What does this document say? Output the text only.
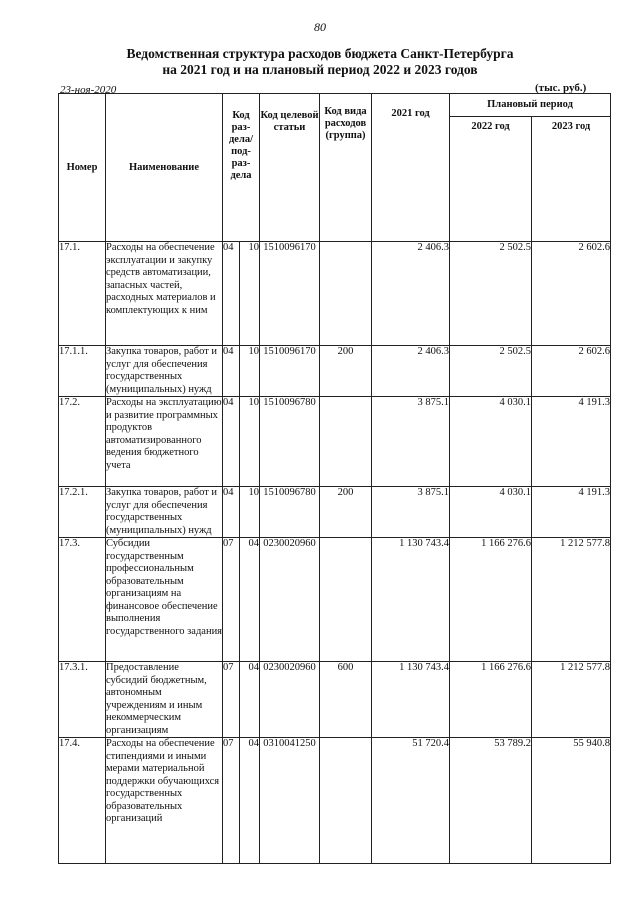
80
Ведомственная структура расходов бюджета Санкт-Петербурга
на 2021 год и на плановый период 2022 и 2023 годов
23-ноя-2020	(тыс. руб.)
Номер	Наименование	Код раз-дела/ под-раз-дела		Код целевой статьи	Код вида расходов (группа)	2021 год	Плановый период	
							2022 год	2023 год
17.1.	Расходы на обеспечение эксплуатации и закупку средств автоматизации, запасных частей, расходных материалов и комплектующих к ним	04	10	1510096170		2 406.3	2 502.5	2 602.6
17.1.1.	Закупка товаров, работ и услуг для обеспечения государственных (муниципальных) нужд	04	10	1510096170	200	2 406.3	2 502.5	2 602.6
17.2.	Расходы на эксплуатацию и развитие программных продуктов автоматизированного ведения бюджетного учета	04	10	1510096780		3 875.1	4 030.1	4 191.3
17.2.1.	Закупка товаров, работ и услуг для обеспечения государственных (муниципальных) нужд	04	10	1510096780	200	3 875.1	4 030.1	4 191.3
17.3.	Субсидии государственным профессиональным образовательным организациям на финансовое обеспечение выполнения государственного задания	07	04	0230020960		1 130 743.4	1 166 276.6	1 212 577.8
17.3.1.	Предоставление субсидий бюджетным, автономным учреждениям и иным некоммерческим организациям	07	04	0230020960	600	1 130 743.4	1 166 276.6	1 212 577.8
17.4.	Расходы на обеспечение стипендиями и иными мерами материальной поддержки обучающихся государственных образовательных организаций	07	04	0310041250		51 720.4	53 789.2	55 940.8
